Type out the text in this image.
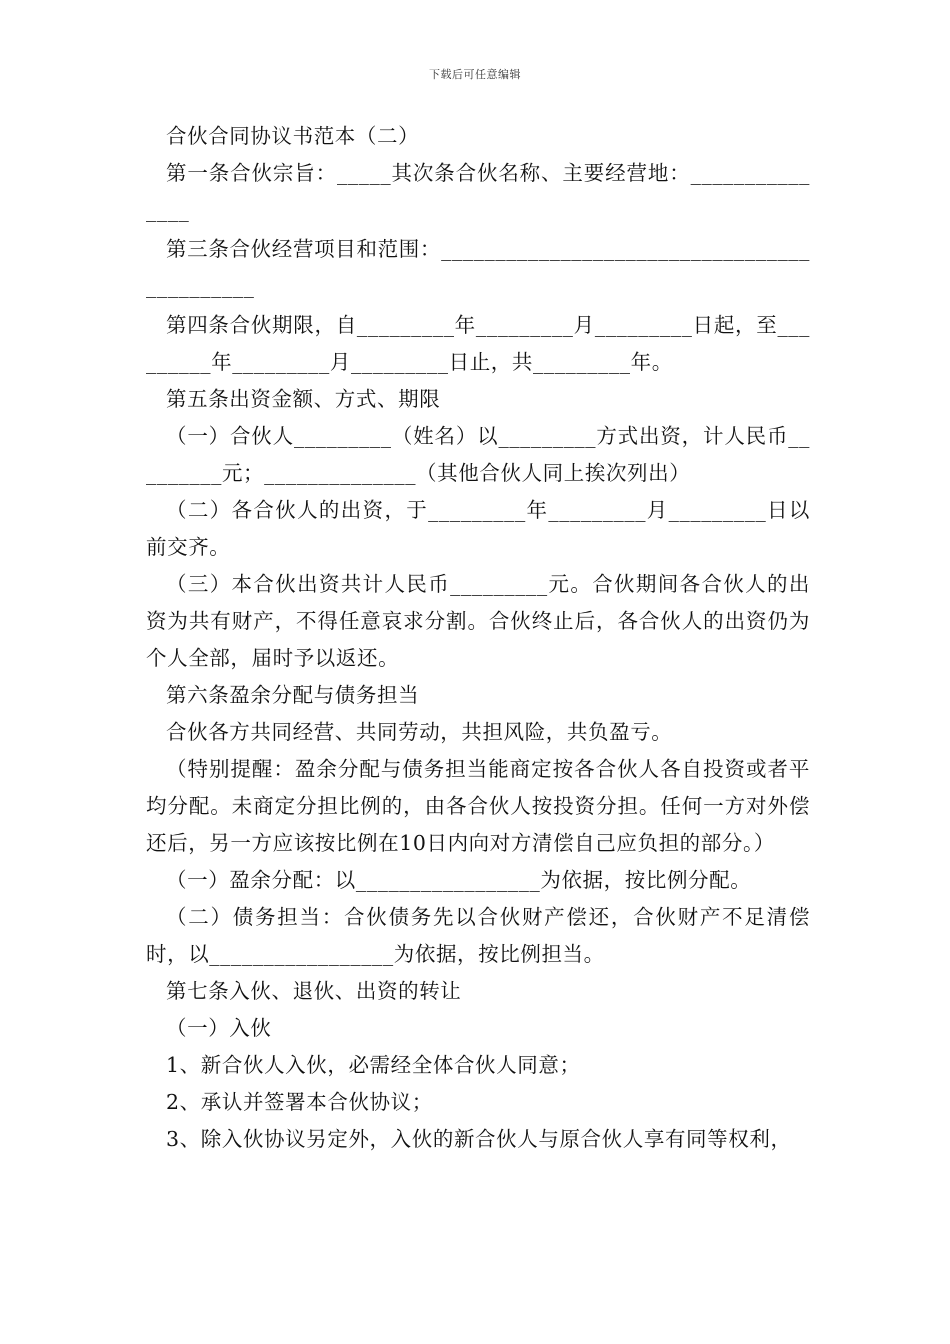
下载后可任意编辑

合伙合同协议书范本（二）

第一条合伙宗旨：_____其次条合伙名称、主要经营地：_______________

第三条合伙经营项目和范围：____________________________________________

第四条合伙期限，自_________年_________月_________日起，至_________年_________月_________日止，共_________年。

第五条出资金额、方式、期限

（一）合伙人_________（姓名）以_________方式出资，计人民币_________元；______________（其他合伙人同上挨次列出）

（二）各合伙人的出资，于_________年_________月_________日以前交齐。

（三）本合伙出资共计人民币_________元。合伙期间各合伙人的出资为共有财产，不得任意哀求分割。合伙终止后，各合伙人的出资仍为个人全部，届时予以返还。

第六条盈余分配与债务担当

合伙各方共同经营、共同劳动，共担风险，共负盈亏。

（特别提醒：盈余分配与债务担当能商定按各合伙人各自投资或者平均分配。未商定分担比例的，由各合伙人按投资分担。任何一方对外偿还后，另一方应该按比例在10日内向对方清偿自己应负担的部分。）

（一）盈余分配：以_________________为依据，按比例分配。

（二）债务担当：合伙债务先以合伙财产偿还，合伙财产不足清偿时，以_________________为依据，按比例担当。

第七条入伙、退伙、出资的转让

（一）入伙

1、新合伙人入伙，必需经全体合伙人同意；

2、承认并签署本合伙协议；

3、除入伙协议另定外，入伙的新合伙人与原合伙人享有同等权利，
